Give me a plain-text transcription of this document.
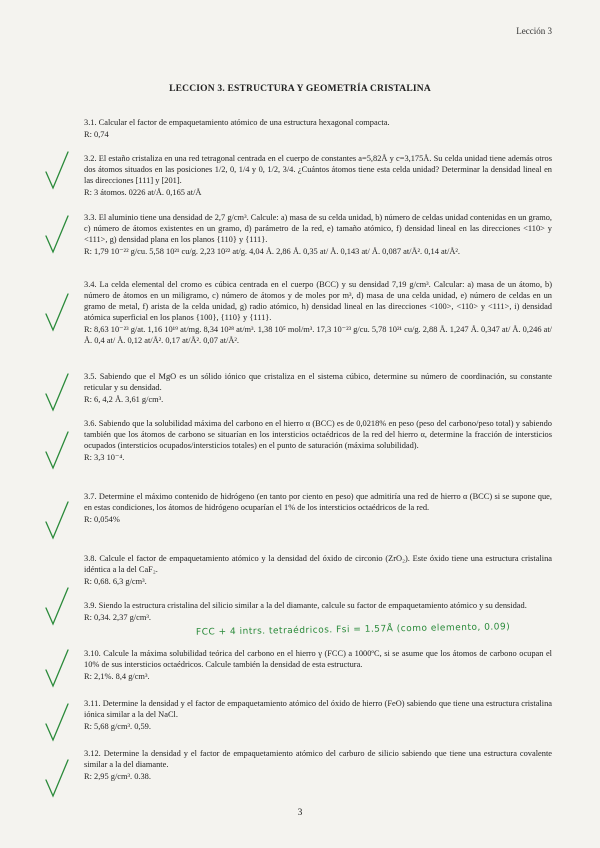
Lección 3
LECCION 3. ESTRUCTURA Y GEOMETRÍA CRISTALINA

3.1. Calcular el factor de empaquetamiento atómico de una estructura hexagonal compacta.

R: 0,74

3.2. El estaño cristaliza en una red tetragonal centrada en el cuerpo de constantes a=5,82Å y c=3,175Å. Su celda unidad tiene además otros dos átomos situados en las posiciones 1/2, 0, 1/4 y 0, 1/2, 3/4. ¿Cuántos átomos tiene esta celda unidad? Determinar la densidad lineal en las direcciones [111] y [201].

R: 3 átomos. 0226 at/Å. 0,165 at/Å

3.3. El aluminio tiene una densidad de 2,7 g/cm³. Calcule: a) masa de su celda unidad, b) número de celdas unidad contenidas en un gramo, c) número de átomos existentes en un gramo, d) parámetro de la red, e) tamaño atómico, f) densidad lineal en las direcciones <110> y <111>, g) densidad plana en los planos {110} y {111}.

R: 1,79 10⁻²² g/cu. 5,58 10²¹ cu/g. 2,23 10²² at/g. 4,04 Å. 2,86 Å. 0,35 at/ Å. 0,143 at/ Å. 0,087 at/Å². 0,14 at/Å².

3.4. La celda elemental del cromo es cúbica centrada en el cuerpo (BCC) y su densidad 7,19 g/cm³. Calcular: a) masa de un átomo, b) número de átomos en un miligramo, c) número de átomos y de moles por m³, d) masa de una celda unidad, e) número de celdas en un gramo de metal, f) arista de la celda unidad, g) radio atómico, h) densidad lineal en las direcciones <100>, <110> y <111>, i) densidad atómica superficial en los planos {100}, {110} y {111}.

R: 8,63 10⁻²³ g/at. 1,16 10¹⁹ at/mg. 8,34 10²⁸ at/m³. 1,38 10⁵ mol/m³. 17,3 10⁻²³ g/cu. 5,78 10²¹ cu/g. 2,88 Å. 1,247 Å. 0,347 at/ Å. 0,246 at/ Å. 0,4 at/ Å. 0,12 at/Å². 0,17 at/Å². 0,07 at/Å².

3.5. Sabiendo que el MgO es un sólido iónico que cristaliza en el sistema cúbico, determine su número de coordinación, su constante reticular y su densidad.

R: 6, 4,2 Å. 3,61 g/cm³.

3.6. Sabiendo que la solubilidad máxima del carbono en el hierro α (BCC) es de 0,0218% en peso (peso del carbono/peso total) y sabiendo también que los átomos de carbono se situarían en los intersticios octaédricos de la red del hierro α, determine la fracción de intersticios ocupados (intersticios ocupados/intersticios totales) en el punto de saturación (máxima solubilidad).

R: 3,3 10⁻⁴.

3.7. Determine el máximo contenido de hidrógeno (en tanto por ciento en peso) que admitiría una red de hierro α (BCC) si se supone que, en estas condiciones, los átomos de hidrógeno ocuparían el 1% de los intersticios octaédricos de la red.

R: 0,054%

3.8. Calcule el factor de empaquetamiento atómico y la densidad del óxido de circonio (ZrO₂). Este óxido tiene una estructura cristalina idéntica a la del CaF₂.

R: 0,68. 6,3 g/cm³.

3.9. Siendo la estructura cristalina del silicio similar a la del diamante, calcule su factor de empaquetamiento atómico y su densidad.

R: 0,34. 2,37 g/cm³.

FCC + 4 intrs. tetraédricos. Fsi = 1.57Å (como elemento, 0.09)

3.10. Calcule la máxima solubilidad teórica del carbono en el hierro γ (FCC) a 1000ºC, si se asume que los átomos de carbono ocupan el 10% de sus intersticios octaédricos. Calcule también la densidad de esta estructura.

R: 2,1%. 8,4 g/cm³.

3.11. Determine la densidad y el factor de empaquetamiento atómico del óxido de hierro (FeO) sabiendo que tiene una estructura cristalina iónica similar a la del NaCl.

R: 5,68 g/cm³. 0,59.

3.12. Determine la densidad y el factor de empaquetamiento atómico del carburo de silicio sabiendo que tiene una estructura covalente similar a la del diamante.

R: 2,95 g/cm³. 0.38.

3
